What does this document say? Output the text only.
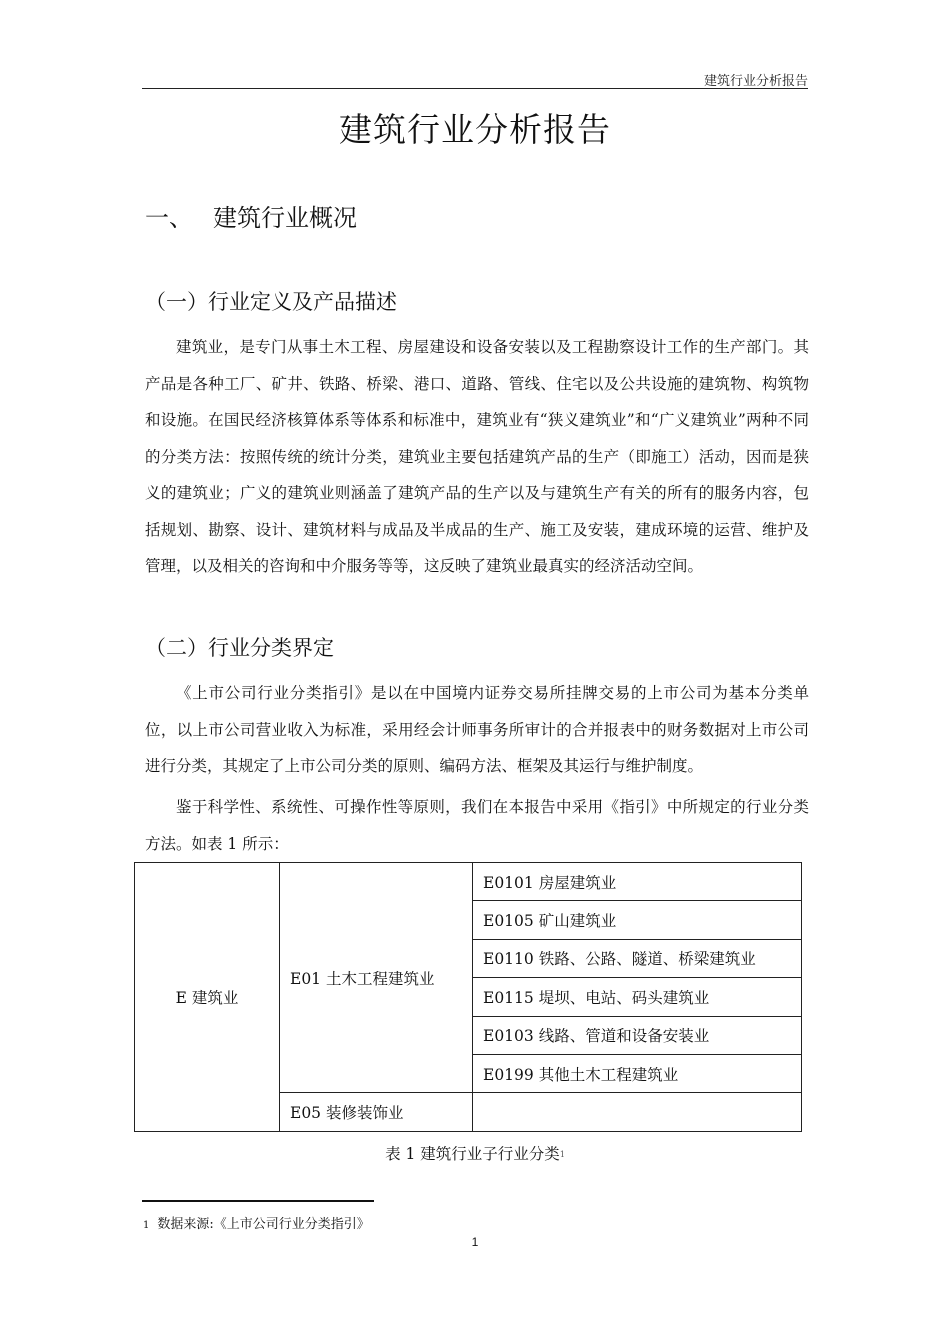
建筑行业分析报告
建筑行业分析报告
一、 建筑行业概况
（一）行业定义及产品描述

建筑业，是专门从事土木工程、房屋建设和设备安装以及工程勘察设计工作的生产部门。其产品是各种工厂、矿井、铁路、桥梁、港口、道路、管线、住宅以及公共设施的建筑物、构筑物和设施。在国民经济核算体系等体系和标准中，建筑业有“狭义建筑业”和“广义建筑业”两种不同的分类方法：按照传统的统计分类，建筑业主要包括建筑产品的生产（即施工）活动，因而是狭义的建筑业；广义的建筑业则涵盖了建筑产品的生产以及与建筑生产有关的所有的服务内容，包括规划、勘察、设计、建筑材料与成品及半成品的生产、施工及安装，建成环境的运营、维护及管理，以及相关的咨询和中介服务等等，这反映了建筑业最真实的经济活动空间。

（二）行业分类界定

《上市公司行业分类指引》是以在中国境内证券交易所挂牌交易的上市公司为基本分类单位，以上市公司营业收入为标准，采用经会计师事务所审计的合并报表中的财务数据对上市公司进行分类，其规定了上市公司分类的原则、编码方法、框架及其运行与维护制度。

鉴于科学性、系统性、可操作性等原则，我们在本报告中采用《指引》中所规定的行业分类方法。如表 1 所示：

E 建筑业	E01 土木工程建筑业	E0101 房屋建筑业
		E0105 矿山建筑业
		E0110 铁路、公路、隧道、桥梁建筑业
		E0115 堤坝、电站、码头建筑业
		E0103 线路、管道和设备安装业
		E0199 其他土木工程建筑业
	E05 装修装饰业	
表 1 建筑行业子行业分类$^1$
1 数据来源:《上市公司行业分类指引》
1
